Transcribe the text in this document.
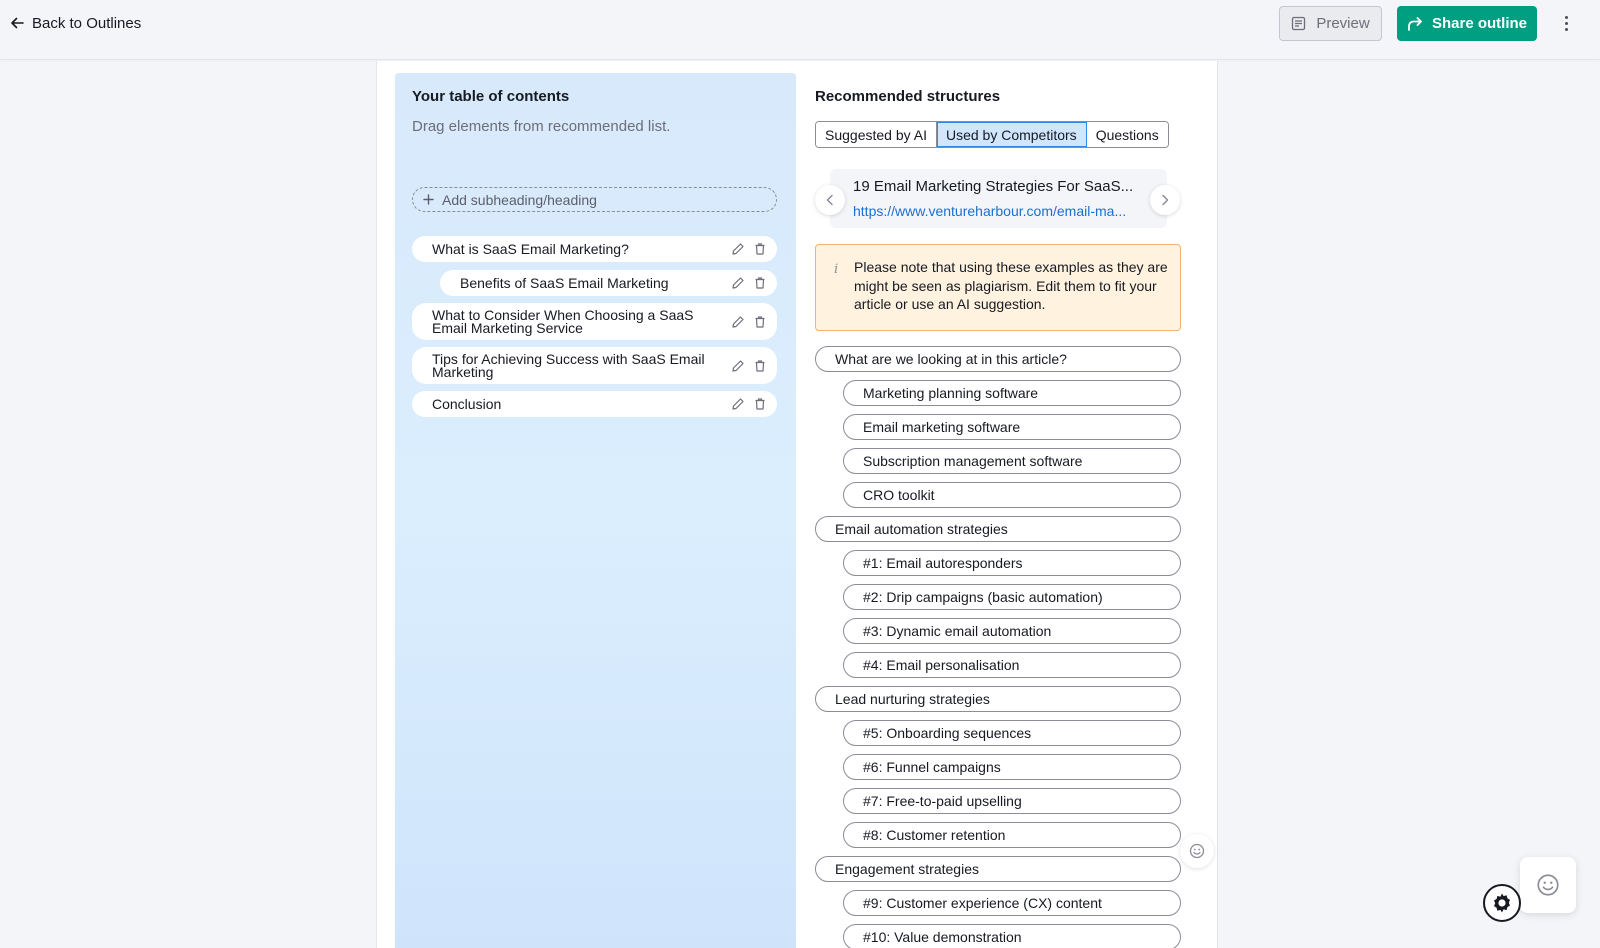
Back to Outlines	Preview	Share outline
Your table of contents
Drag elements from recommended list.
Add subheading/heading
What is SaaS Email Marketing?
Benefits of SaaS Email Marketing
What to Consider When Choosing a SaaS Email Marketing Service
Tips for Achieving Success with SaaS Email Marketing
Conclusion
Recommended structures
Suggested by AI	Used by Competitors	Questions
19 Email Marketing Strategies For SaaS...
https://www.ventureharbour.com/email-ma...
i Please note that using these examples as they are might be seen as plagiarism. Edit them to fit your article or use an AI suggestion.
What are we looking at in this article?
Marketing planning software
Email marketing software
Subscription management software
CRO toolkit
Email automation strategies
#1: Email autoresponders
#2: Drip campaigns (basic automation)
#3: Dynamic email automation
#4: Email personalisation
Lead nurturing strategies
#5: Onboarding sequences
#6: Funnel campaigns
#7: Free-to-paid upselling
#8: Customer retention
Engagement strategies
#9: Customer experience (CX) content
#10: Value demonstration
